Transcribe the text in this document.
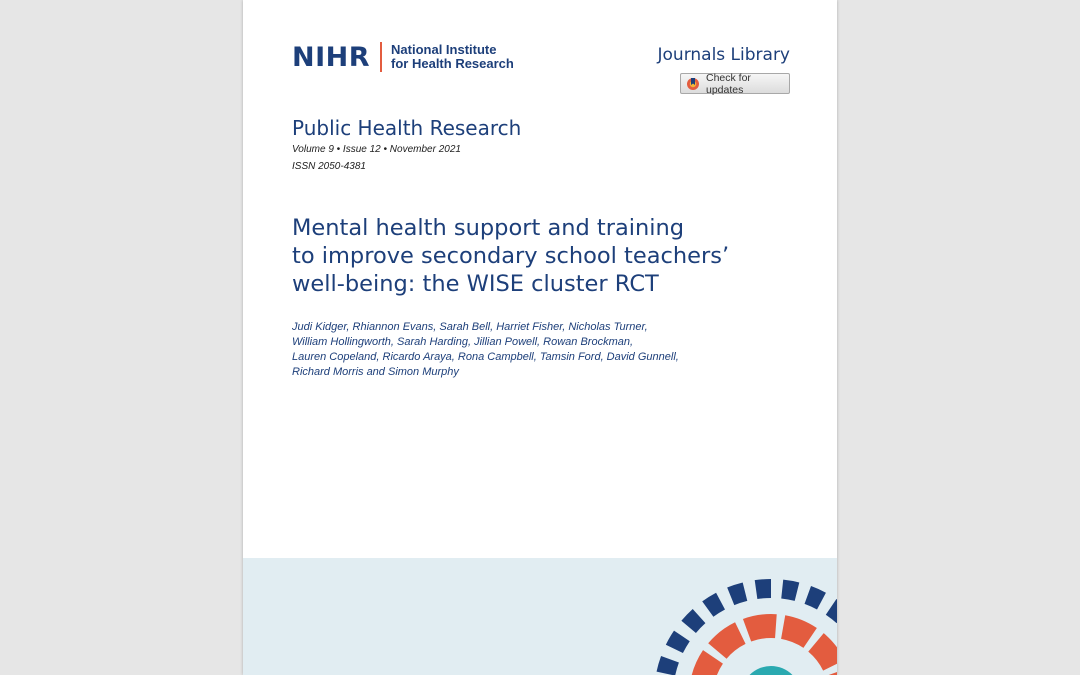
NIHR National Institute
for Health Research	Journals Library
Check for updates
Public Health Research
Volume 9 • Issue 12 • November 2021
ISSN 2050-4381
Mental health support and training
to improve secondary school teachers’
well-being: the WISE cluster RCT
Judi Kidger, Rhiannon Evans, Sarah Bell, Harriet Fisher, Nicholas Turner,
William Hollingworth, Sarah Harding, Jillian Powell, Rowan Brockman,
Lauren Copeland, Ricardo Araya, Rona Campbell, Tamsin Ford, David Gunnell,
Richard Morris and Simon Murphy
